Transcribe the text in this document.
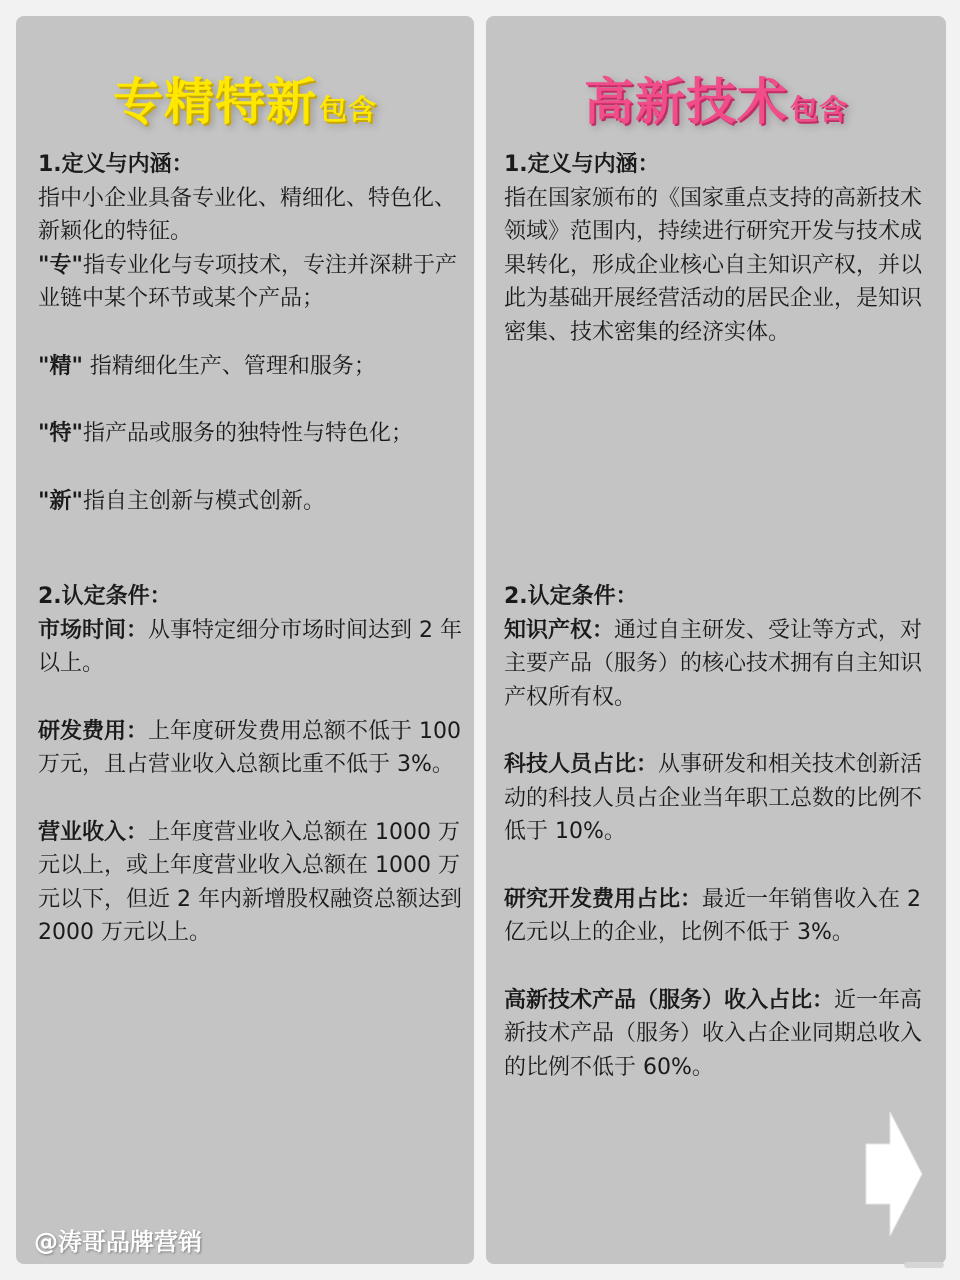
专精特新包含

1.定义与内涵：

指中小企业具备专业化、精细化、特色化、新颖化的特征。

"专"指专业化与专项技术，专注并深耕于产业链中某个环节或某个产品；

"精" 指精细化生产、管理和服务；

"特"指产品或服务的独特性与特色化；

"新"指自主创新与模式创新。

2.认定条件：

市场时间：从事特定细分市场时间达到 2 年以上。

研发费用：上年度研发费用总额不低于 100 万元，且占营业收入总额比重不低于 3%。

营业收入：上年度营业收入总额在 1000 万元以上，或上年度营业收入总额在 1000 万元以下，但近 2 年内新增股权融资总额达到 2000 万元以上。

高新技术包含

1.定义与内涵：

指在国家颁布的《国家重点支持的高新技术领域》范围内，持续进行研究开发与技术成果转化，形成企业核心自主知识产权，并以此为基础开展经营活动的居民企业，是知识密集、技术密集的经济实体。

2.认定条件：

知识产权：通过自主研发、受让等方式，对主要产品（服务）的核心技术拥有自主知识产权所有权。

科技人员占比：从事研发和相关技术创新活动的科技人员占企业当年职工总数的比例不低于 10%。

研究开发费用占比：最近一年销售收入在 2 亿元以上的企业，比例不低于 3%。

高新技术产品（服务）收入占比：近一年高新技术产品（服务）收入占企业同期总收入的比例不低于 60%。

@涛哥品牌营销
